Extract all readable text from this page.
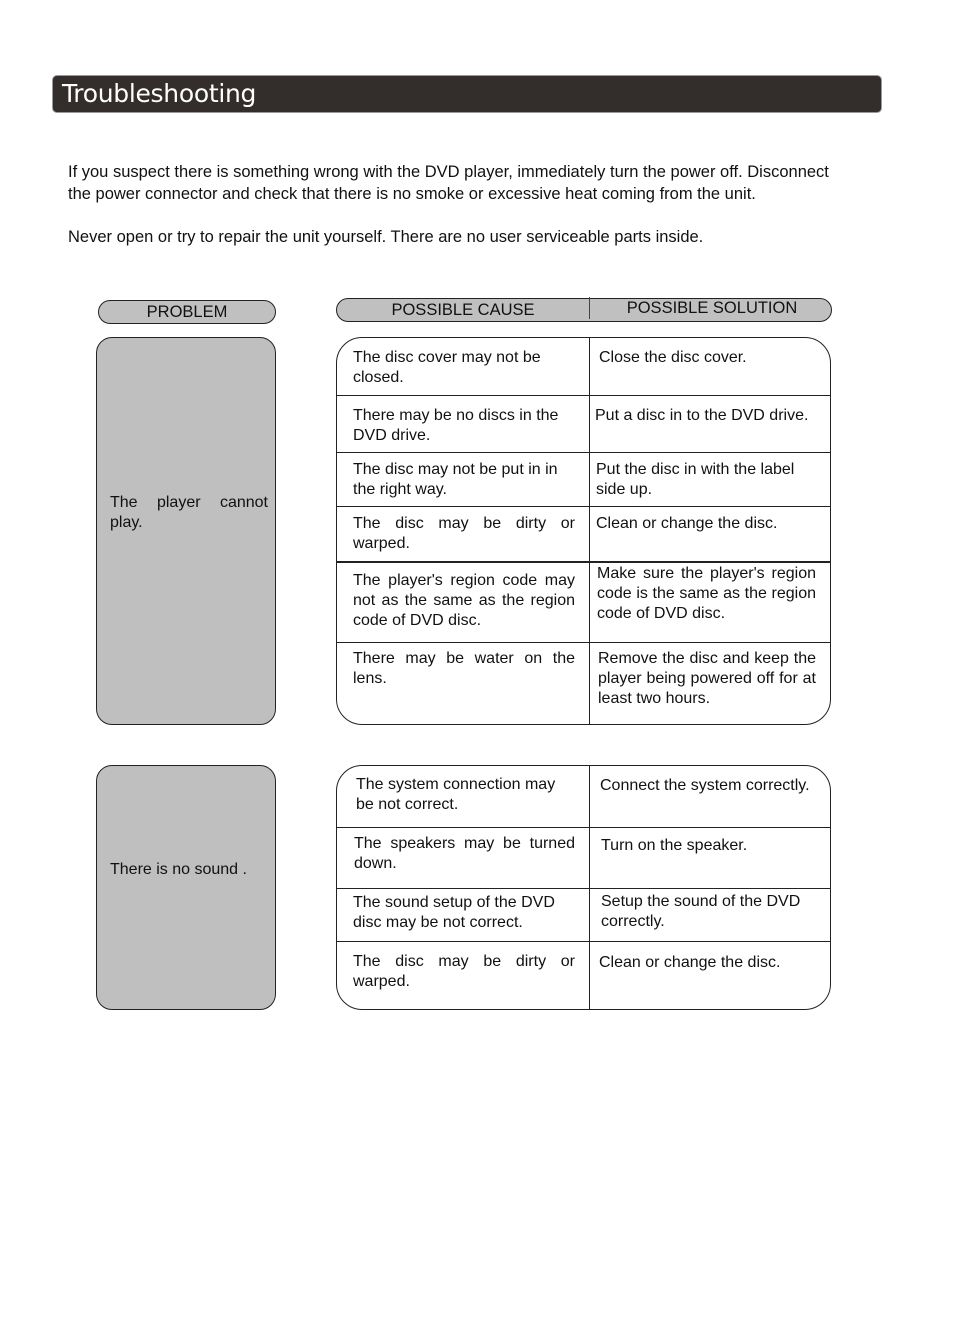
Troubleshooting

If you suspect there is something wrong with the DVD player, immediately turn the power off. Disconnect the power connector and check that there is no smoke or excessive heat coming from the unit.

Never open or try to repair the unit yourself. There are no user serviceable parts inside.

PROBLEM	POSSIBLE CAUSE	POSSIBLE SOLUTION
The player cannot play.
The disc cover may not be closed.
Close the disc cover.
There may be no discs in the DVD drive.
Put a disc in to the DVD drive.
The disc may not be put in in the right way.
Put the disc in with the label side up.
The disc may be dirty or warped.
Clean or change the disc.
The player's region code may not as the same as the region code of DVD disc.
Make sure the player's region code is the same as the region code of DVD disc.
There may be water on the lens.
Remove the disc and keep the player being powered off for at least two hours.
There is no sound .
The system connection may be not correct.
Connect the system correctly.
The speakers may be turned down.
Turn on the speaker.
The sound setup of the DVD disc may be not correct.
Setup the sound of the DVD correctly.
The disc may be dirty or warped.
Clean or change the disc.
